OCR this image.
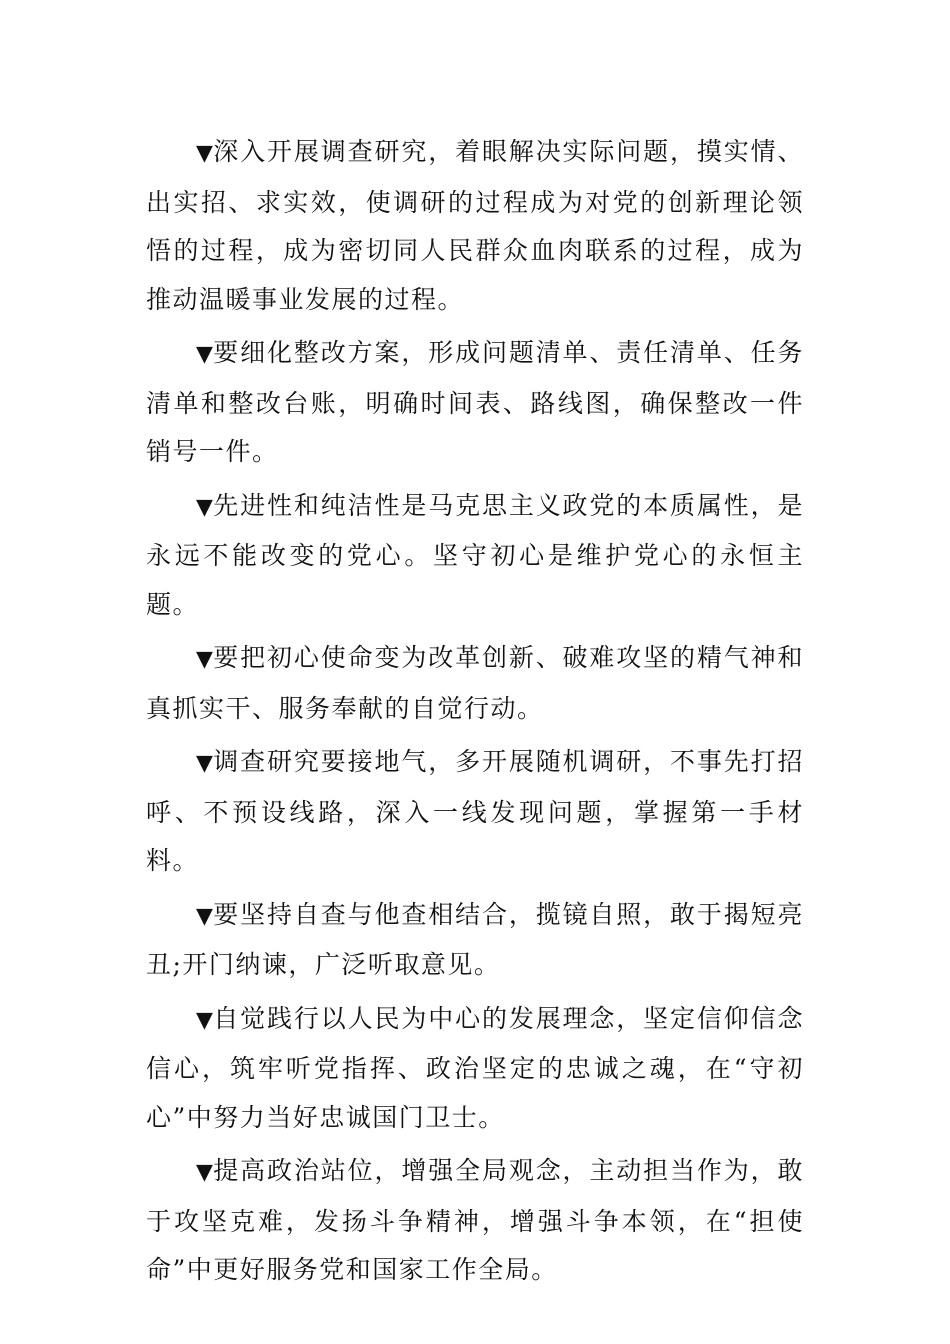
▼深入开展调查研究，着眼解决实际问题，摸实情、出实招、求实效，使调研的过程成为对党的创新理论领悟的过程，成为密切同人民群众血肉联系的过程，成为推动温暖事业发展的过程。

▼要细化整改方案，形成问题清单、责任清单、任务清单和整改台账，明确时间表、路线图，确保整改一件销号一件。

▼先进性和纯洁性是马克思主义政党的本质属性，是永远不能改变的党心。坚守初心是维护党心的永恒主题。

▼要把初心使命变为改革创新、破难攻坚的精气神和真抓实干、服务奉献的自觉行动。

▼调查研究要接地气，多开展随机调研，不事先打招呼、不预设线路，深入一线发现问题，掌握第一手材料。

▼要坚持自查与他查相结合，揽镜自照，敢于揭短亮丑;开门纳谏，广泛听取意见。

▼自觉践行以人民为中心的发展理念，坚定信仰信念信心，筑牢听党指挥、政治坚定的忠诚之魂，在“守初心”中努力当好忠诚国门卫士。

▼提高政治站位，增强全局观念，主动担当作为，敢于攻坚克难，发扬斗争精神，增强斗争本领，在“担使命”中更好服务党和国家工作全局。
